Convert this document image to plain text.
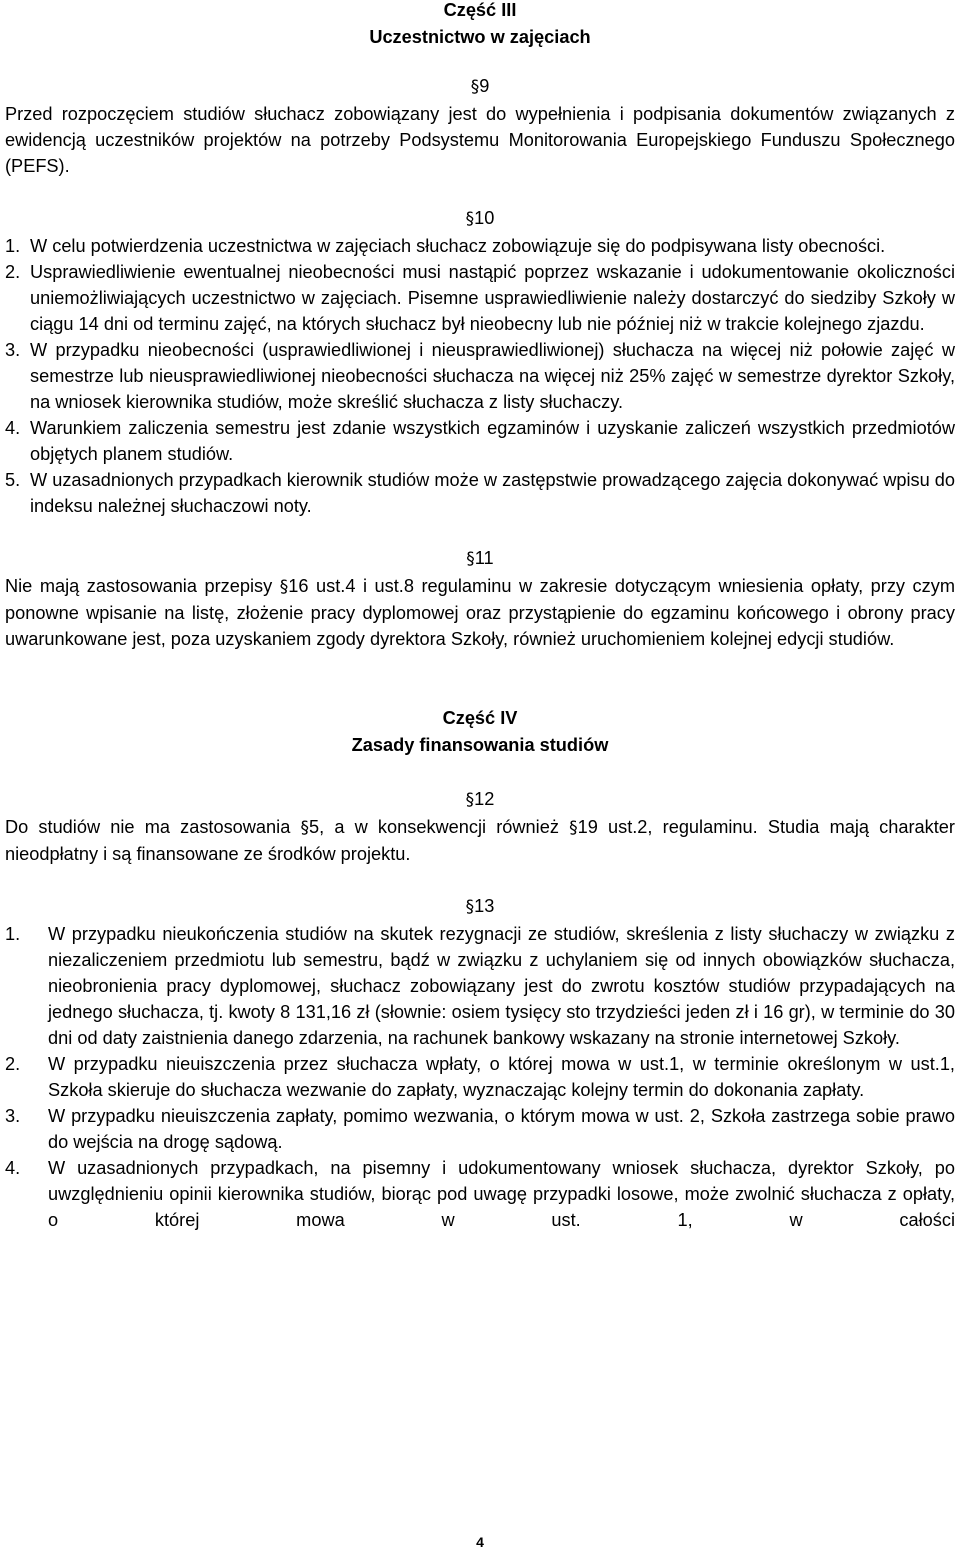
Część III
Uczestnictwo w zajęciach
§9

Przed rozpoczęciem studiów słuchacz zobowiązany jest do wypełnienia i podpisania dokumentów związanych z ewidencją uczestników projektów na potrzeby Podsystemu Monitorowania Europejskiego Funduszu Społecznego (PEFS).

§10
1. W celu potwierdzenia uczestnictwa w zajęciach słuchacz zobowiązuje się do podpisywana listy obecności.
2. Usprawiedliwienie ewentualnej nieobecności musi nastąpić poprzez wskazanie i udokumentowanie okoliczności uniemożliwiających uczestnictwo w zajęciach. Pisemne usprawiedliwienie należy dostarczyć do siedziby Szkoły w ciągu 14 dni od terminu zajęć, na których słuchacz był nieobecny lub nie później niż w trakcie kolejnego zjazdu.
3. W przypadku nieobecności (usprawiedliwionej i nieusprawiedliwionej) słuchacza na więcej niż połowie zajęć w semestrze lub nieusprawiedliwionej nieobecności słuchacza na więcej niż 25% zajęć w semestrze dyrektor Szkoły, na wniosek kierownika studiów, może skreślić słuchacza z listy słuchaczy.
4. Warunkiem zaliczenia semestru jest zdanie wszystkich egzaminów i uzyskanie zaliczeń wszystkich przedmiotów objętych planem studiów.
5. W uzasadnionych przypadkach kierownik studiów może w zastępstwie prowadzącego zajęcia dokonywać wpisu do indeksu należnej słuchaczowi noty.
§11

Nie mają zastosowania przepisy §16 ust.4 i ust.8 regulaminu w zakresie dotyczącym wniesienia opłaty, przy czym ponowne wpisanie na listę, złożenie pracy dyplomowej oraz przystąpienie do egzaminu końcowego i obrony pracy uwarunkowane jest, poza uzyskaniem zgody dyrektora Szkoły, również uruchomieniem kolejnej edycji studiów.

Część IV
Zasady finansowania studiów
§12

Do studiów nie ma zastosowania §5, a w konsekwencji również §19 ust.2, regulaminu. Studia mają charakter nieodpłatny i są finansowane ze środków projektu.

§13
1.	W przypadku nieukończenia studiów na skutek rezygnacji ze studiów, skreślenia z listy słuchaczy w związku z niezaliczeniem przedmiotu lub semestru, bądź w związku z uchylaniem się od innych obowiązków słuchacza, nieobronienia pracy dyplomowej, słuchacz zobowiązany jest do zwrotu kosztów studiów przypadających na jednego słuchacza, tj. kwoty 8 131,16 zł (słownie: osiem tysięcy sto trzydzieści jeden zł i 16 gr), w terminie do 30 dni od daty zaistnienia danego zdarzenia, na rachunek bankowy wskazany na stronie internetowej Szkoły.
2.	W przypadku nieuiszczenia przez słuchacza wpłaty, o której mowa w ust.1, w terminie określonym w ust.1, Szkoła skieruje do słuchacza wezwanie do zapłaty, wyznaczając kolejny termin do dokonania zapłaty.
3.	W przypadku nieuiszczenia zapłaty, pomimo wezwania, o którym mowa w ust. 2, Szkoła zastrzega sobie prawo do wejścia na drogę sądową.
4.	W uzasadnionych przypadkach, na pisemny i udokumentowany wniosek słuchacza, dyrektor Szkoły, po uwzględnieniu opinii kierownika studiów, biorąc pod uwagę przypadki losowe, może zwolnić słuchacza z opłaty, o której mowa w ust. 1, w całości
4
